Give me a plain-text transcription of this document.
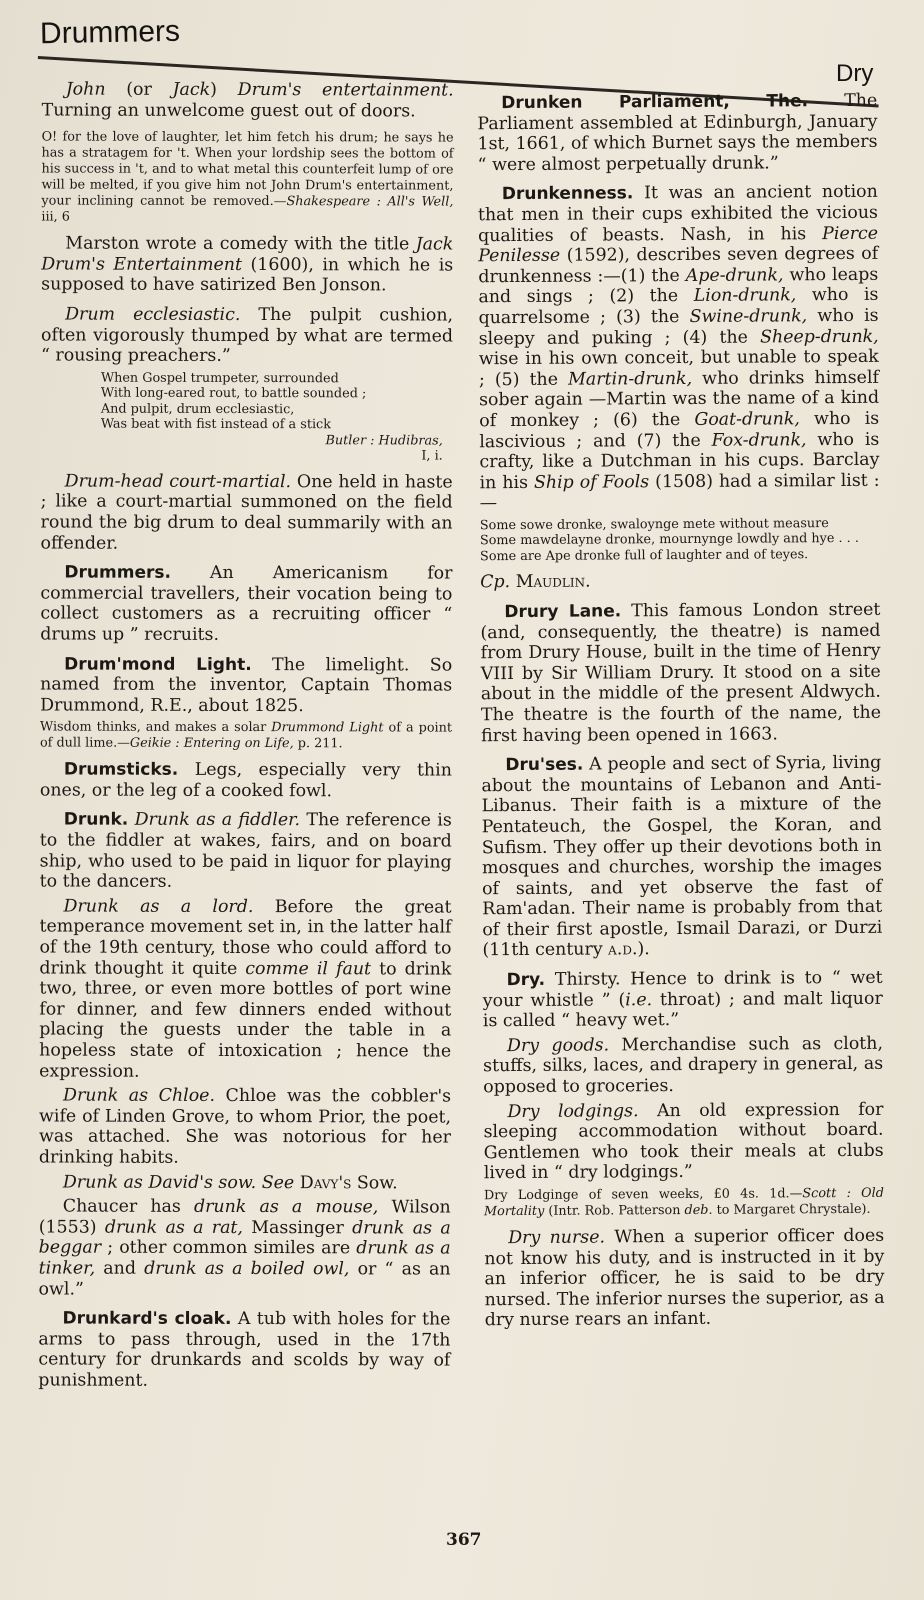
Drummers
Dry

John (or Jack) Drum's entertainment. Turning an unwelcome guest out of doors.

O! for the love of laughter, let him fetch his drum; he says he has a stratagem for 't. When your lordship sees the bottom of his success in 't, and to what metal this counterfeit lump of ore will be melted, if you give him not John Drum's entertainment, your inclining cannot be removed.—Shakespeare : All's Well, iii, 6

Marston wrote a comedy with the title Jack Drum's Entertainment (1600), in which he is supposed to have satirized Ben Jonson.

Drum ecclesiastic. The pulpit cushion, often vigorously thumped by what are termed “ rousing preachers.”

When Gospel trumpeter, surrounded
With long-eared rout, to battle sounded ;
And pulpit, drum ecclesiastic,
Was beat with fist instead of a stick
Butler : Hudibras,
I, i.

Drum-head court-martial. One held in haste ; like a court-martial summoned on the field round the big drum to deal summarily with an offender.

Drummers. An Americanism for commercial travellers, their vocation being to collect customers as a recruiting officer “ drums up ” recruits.

Drum'mond Light. The limelight. So named from the inventor, Captain Thomas Drummond, R.E., about 1825.

Wisdom thinks, and makes a solar Drummond Light of a point of dull lime.—Geikie : Entering on Life, p. 211.

Drumsticks. Legs, especially very thin ones, or the leg of a cooked fowl.

Drunk. Drunk as a fiddler. The reference is to the fiddler at wakes, fairs, and on board ship, who used to be paid in liquor for playing to the dancers.

Drunk as a lord. Before the great temperance movement set in, in the latter half of the 19th century, those who could afford to drink thought it quite comme il faut to drink two, three, or even more bottles of port wine for dinner, and few dinners ended without placing the guests under the table in a hopeless state of intoxication ; hence the expression.

Drunk as Chloe. Chloe was the cobbler's wife of Linden Grove, to whom Prior, the poet, was attached. She was notorious for her drinking habits.

Drunk as David's sow. See Davy's Sow.

Chaucer has drunk as a mouse, Wilson (1553) drunk as a rat, Massinger drunk as a beggar ; other common similes are drunk as a tinker, and drunk as a boiled owl, or “ as an owl.”

Drunkard's cloak. A tub with holes for the arms to pass through, used in the 17th century for drunkards and scolds by way of punishment.

Drunken Parliament, The. The Parliament assembled at Edinburgh, January 1st, 1661, of which Burnet says the members “ were almost perpetually drunk.”

Drunkenness. It was an ancient notion that men in their cups exhibited the vicious qualities of beasts. Nash, in his Pierce Penilesse (1592), describes seven degrees of drunkenness :—(1) the Ape-drunk, who leaps and sings ; (2) the Lion-drunk, who is quarrelsome ; (3) the Swine-drunk, who is sleepy and puking ; (4) the Sheep-drunk, wise in his own conceit, but unable to speak ; (5) the Martin-drunk, who drinks himself sober again —Martin was the name of a kind of monkey ; (6) the Goat-drunk, who is lascivious ; and (7) the Fox-drunk, who is crafty, like a Dutchman in his cups. Barclay in his Ship of Fools (1508) had a similar list :—

Some sowe dronke, swaloynge mete without measure
Some mawdelayne dronke, mournynge lowdly and hye . . .
Some are Ape dronke full of laughter and of teyes.

Cp. Maudlin.

Drury Lane. This famous London street (and, consequently, the theatre) is named from Drury House, built in the time of Henry VIII by Sir William Drury. It stood on a site about in the middle of the present Aldwych. The theatre is the fourth of the name, the first having been opened in 1663.

Dru'ses. A people and sect of Syria, living about the mountains of Lebanon and Anti-Libanus. Their faith is a mixture of the Pentateuch, the Gospel, the Koran, and Sufism. They offer up their devotions both in mosques and churches, worship the images of saints, and yet observe the fast of Ram'adan. Their name is probably from that of their first apostle, Ismail Darazi, or Durzi (11th century a.d.).

Dry. Thirsty. Hence to drink is to “ wet your whistle ” (i.e. throat) ; and malt liquor is called “ heavy wet.”

Dry goods. Merchandise such as cloth, stuffs, silks, laces, and drapery in general, as opposed to groceries.

Dry lodgings. An old expression for sleeping accommodation without board. Gentlemen who took their meals at clubs lived in “ dry lodgings.”

Dry Lodginge of seven weeks, £0 4s. 1d.—Scott : Old Mortality (Intr. Rob. Patterson deb. to Margaret Chrystale).

Dry nurse. When a superior officer does not know his duty, and is instructed in it by an inferior officer, he is said to be dry nursed. The inferior nurses the superior, as a dry nurse rears an infant.

367
